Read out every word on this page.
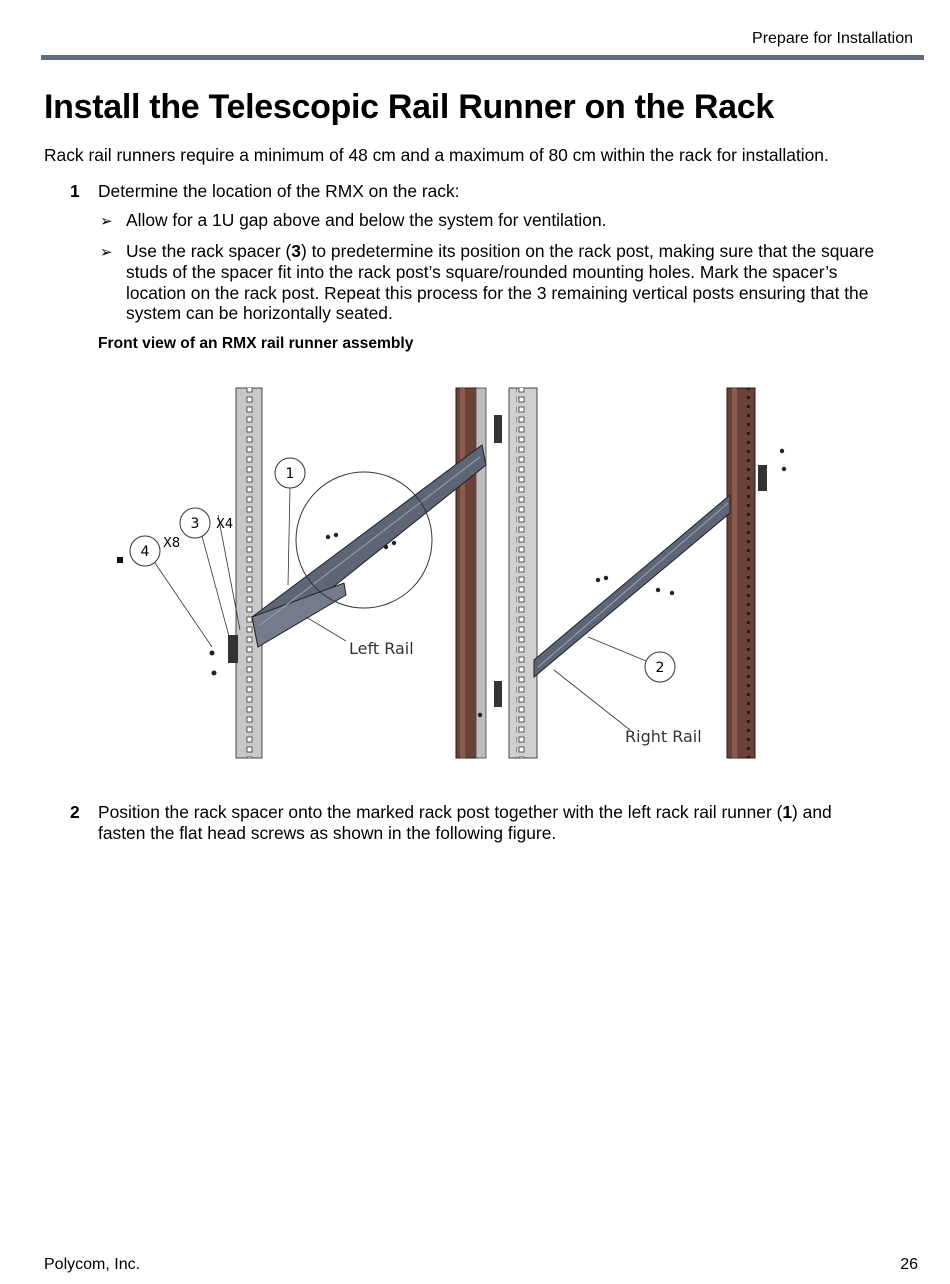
Prepare for Installation
Install the Telescopic Rail Runner on the Rack
Rack rail runners require a minimum of 48 cm and a maximum of 80 cm within the rack for installation.
1 Determine the location of the RMX on the rack:
➢ Allow for a 1U gap above and below the system for ventilation.
➢ Use the rack spacer (3) to predetermine its position on the rack post, making sure that the square
studs of the spacer fit into the rack post’s square/rounded mounting holes. Mark the spacer’s
location on the rack post. Repeat this process for the 3 remaining vertical posts ensuring that the
system can be horizontally seated.
Front view of an RMX rail runner assembly
1
3
4
2
X4
X8
Left Rail
Right Rail
2 Position the rack spacer onto the marked rack post together with the left rack rail runner (1) and
fasten the flat head screws as shown in the following figure.
Polycom, Inc.	26
